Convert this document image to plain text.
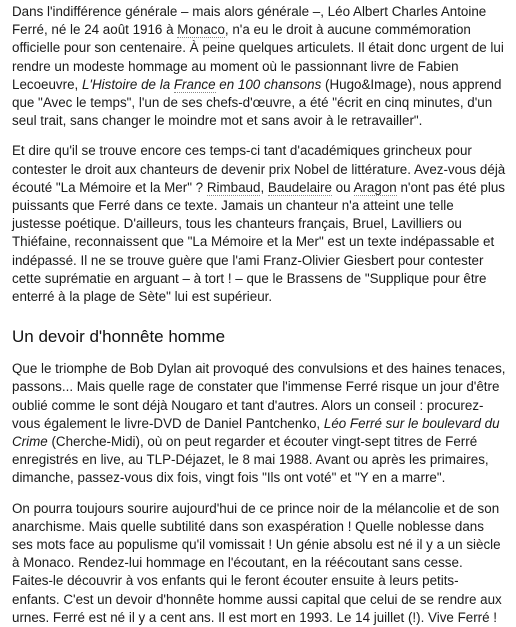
Dans l'indifférence générale – mais alors générale –, Léo Albert Charles Antoine Ferré, né le 24 août 1916 à Monaco, n'a eu le droit à aucune commémoration officielle pour son centenaire. À peine quelques articulets. Il était donc urgent de lui rendre un modeste hommage au moment où le passionnant livre de Fabien Lecoeuvre, L'Histoire de la France en 100 chansons (Hugo&Image), nous apprend que "Avec le temps", l'un de ses chefs-d'œuvre, a été "écrit en cinq minutes, d'un seul trait, sans changer le moindre mot et sans avoir à le retravailler".

Et dire qu'il se trouve encore ces temps-ci tant d'académiques grincheux pour contester le droit aux chanteurs de devenir prix Nobel de littérature. Avez-vous déjà écouté "La Mémoire et la Mer" ? Rimbaud, Baudelaire ou Aragon n'ont pas été plus puissants que Ferré dans ce texte. Jamais un chanteur n'a atteint une telle justesse poétique. D'ailleurs, tous les chanteurs français, Bruel, Lavilliers ou Thiéfaine, reconnaissent que "La Mémoire et la Mer" est un texte indépassable et indépassé. Il ne se trouve guère que l'ami Franz-Olivier Giesbert pour contester cette suprématie en arguant – à tort ! – que le Brassens de "Supplique pour être enterré à la plage de Sète" lui est supérieur.

Un devoir d'honnête homme

Que le triomphe de Bob Dylan ait provoqué des convulsions et des haines tenaces, passons... Mais quelle rage de constater que l'immense Ferré risque un jour d'être oublié comme le sont déjà Nougaro et tant d'autres. Alors un conseil : procurez-vous également le livre-DVD de Daniel Pantchenko, Léo Ferré sur le boulevard du Crime (Cherche-Midi), où on peut regarder et écouter vingt-sept titres de Ferré enregistrés en live, au TLP-Déjazet, le 8 mai 1988. Avant ou après les primaires, dimanche, passez-vous dix fois, vingt fois "Ils ont voté" et "Y en a marre".

On pourra toujours sourire aujourd'hui de ce prince noir de la mélancolie et de son anarchisme. Mais quelle subtilité dans son exaspération ! Quelle noblesse dans ses mots face au populisme qu'il vomissait ! Un génie absolu est né il y a un siècle à Monaco. Rendez-lui hommage en l'écoutant, en la réécoutant sans cesse. Faites-le découvrir à vos enfants qui le feront écouter ensuite à leurs petits-enfants. C'est un devoir d'honnête homme aussi capital que celui de se rendre aux urnes. Ferré est né il y a cent ans. Il est mort en 1993. Le 14 juillet (!). Vive Ferré !
